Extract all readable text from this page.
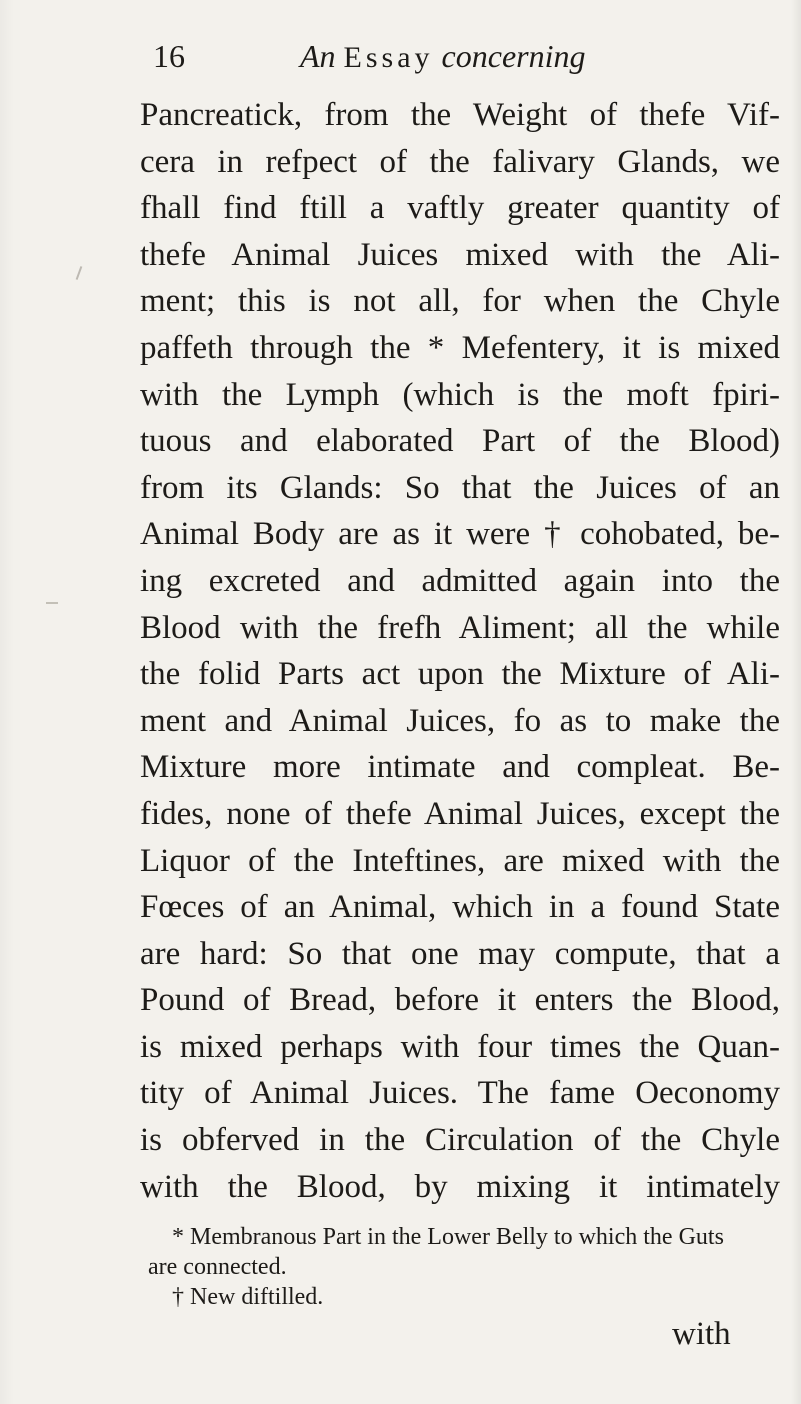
16	An Essay concerning
Pancreatick, from the Weight of thefe Vif-
cera in refpect of the falivary Glands, we
fhall find ftill a vaftly greater quantity of
thefe Animal Juices mixed with the Ali-
ment; this is not all, for when the Chyle
paffeth through the * Mefentery, it is mixed
with the Lymph (which is the moft fpiri-
tuous and elaborated Part of the Blood)
from its Glands: So that the Juices of an
Animal Body are as it were † cohobated, be-
ing excreted and admitted again into the
Blood with the frefh Aliment; all the while
the folid Parts act upon the Mixture of Ali-
ment and Animal Juices, fo as to make the
Mixture more intimate and compleat. Be-
fides, none of thefe Animal Juices, except the
Liquor of the Inteftines, are mixed with the
Fœces of an Animal, which in a found State
are hard: So that one may compute, that a
Pound of Bread, before it enters the Blood,
is mixed perhaps with four times the Quan-
tity of Animal Juices. The fame Oeconomy
is obferved in the Circulation of the Chyle
with the Blood, by mixing it intimately
* Membranous Part in the Lower Belly to which the Guts
are connected.
† New diftilled.
with
